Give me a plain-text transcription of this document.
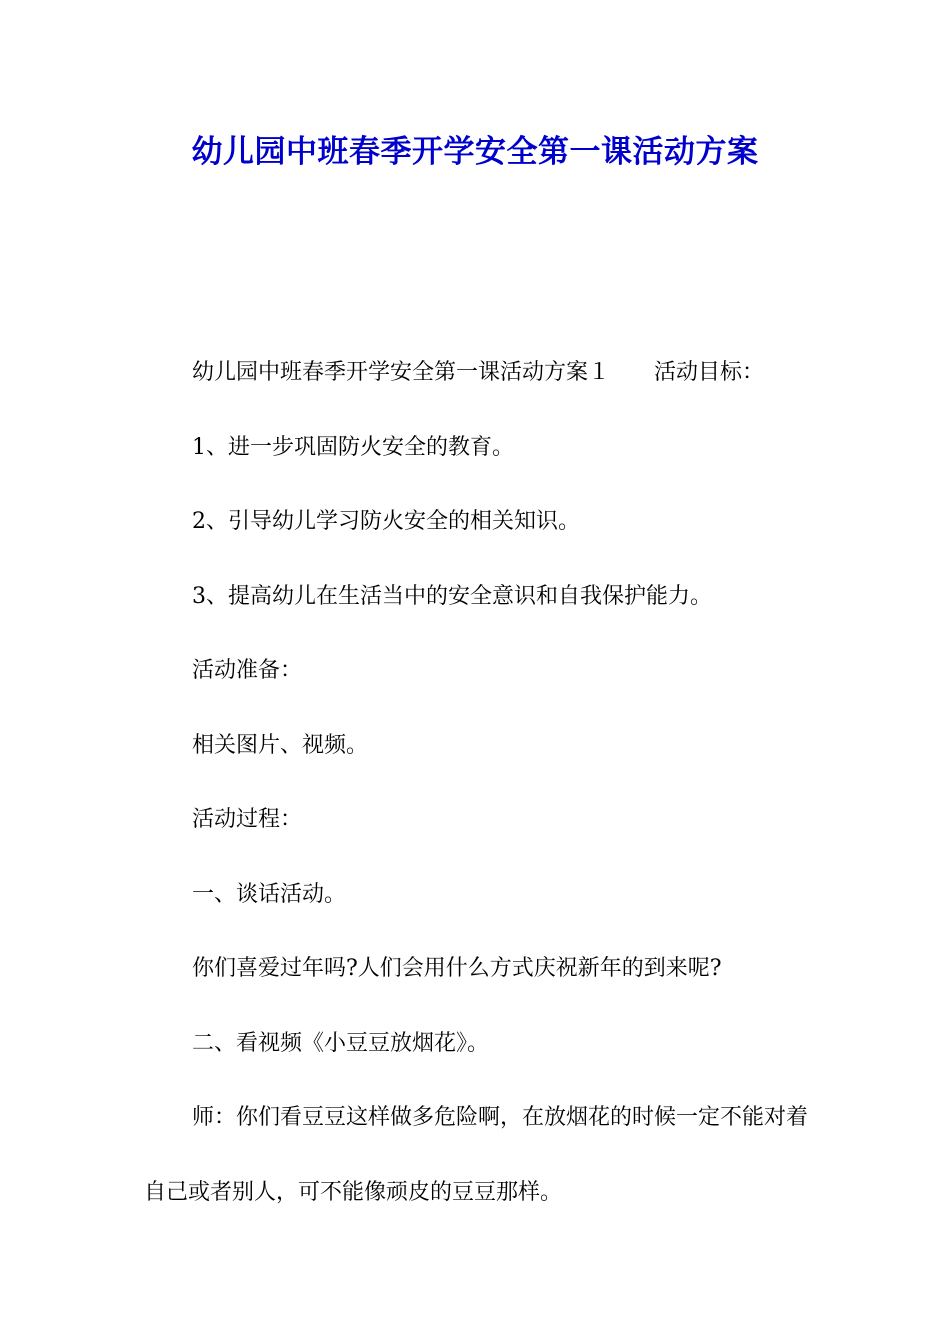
幼儿园中班春季开学安全第一课活动方案

幼儿园中班春季开学安全第一课活动方案１ 活动目标：

1、进一步巩固防火安全的教育。

2、引导幼儿学习防火安全的相关知识。

3、提高幼儿在生活当中的安全意识和自我保护能力。

活动准备：

相关图片、视频。

活动过程：

一、谈话活动。

你们喜爱过年吗?人们会用什么方式庆祝新年的到来呢?

二、看视频《小豆豆放烟花》。

师：你们看豆豆这样做多危险啊，在放烟花的时候一定不能对着自己或者别人，可不能像顽皮的豆豆那样。
